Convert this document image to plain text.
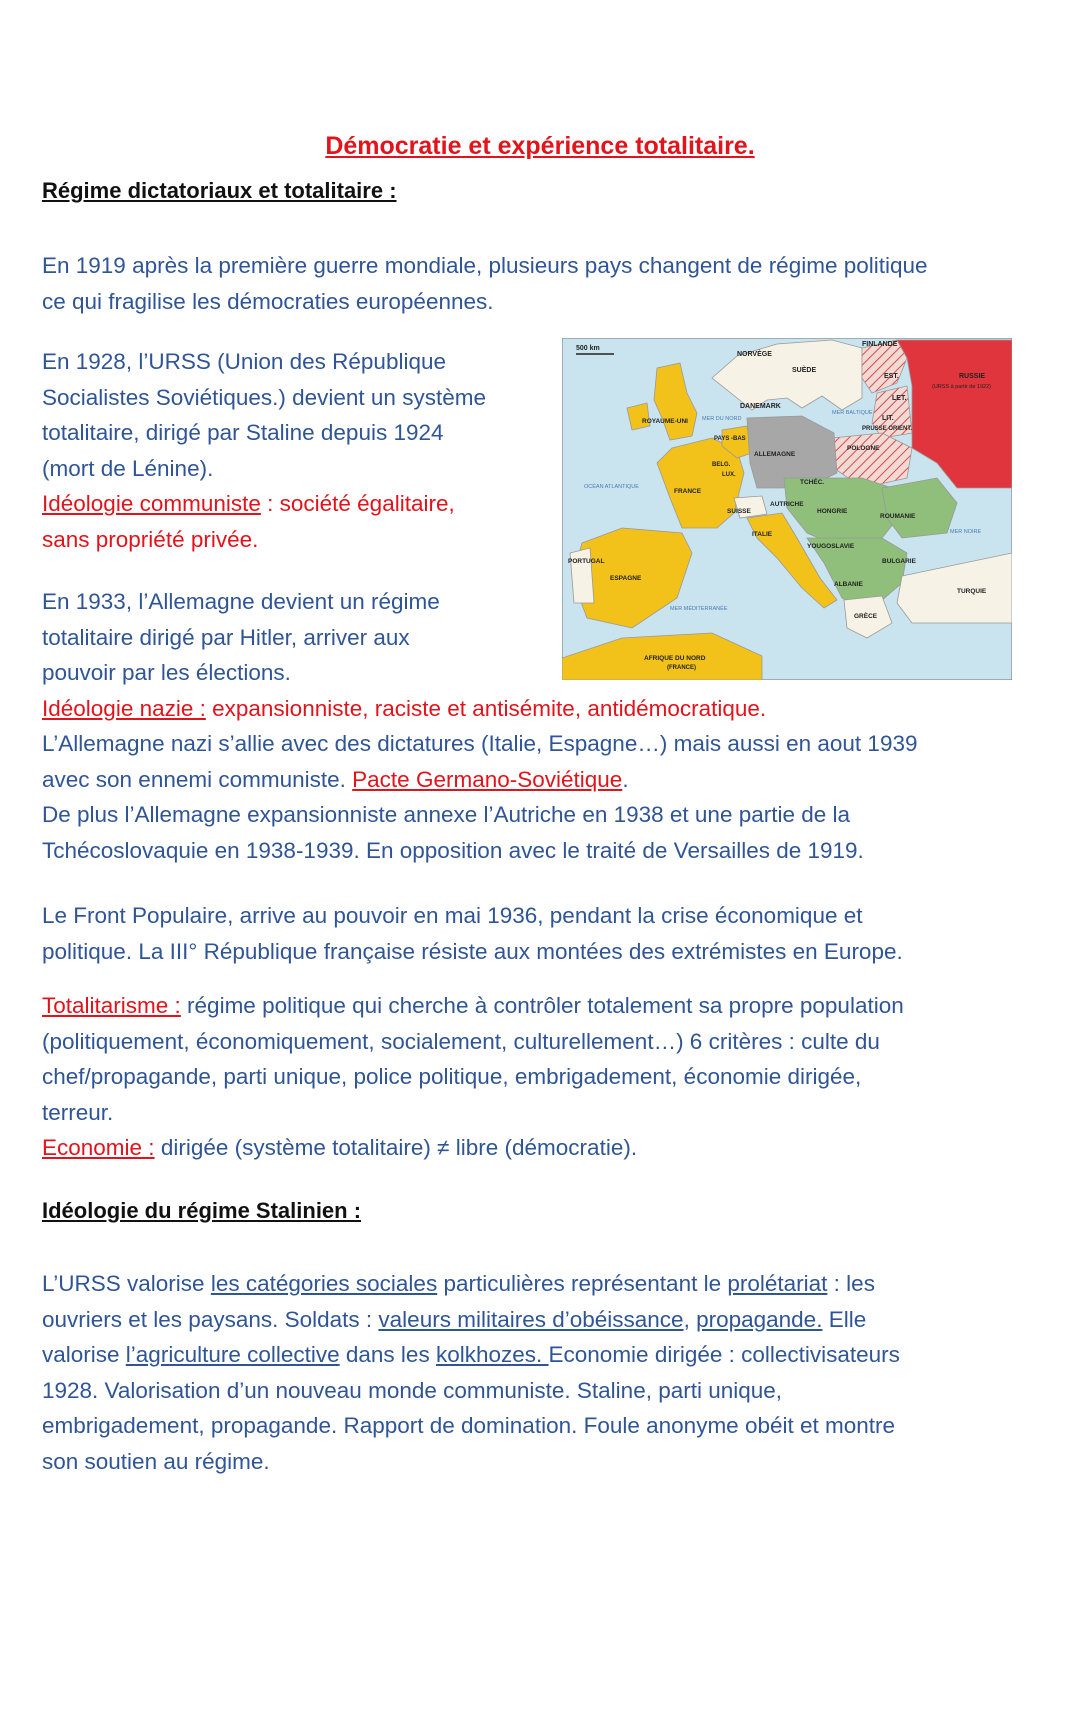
Démocratie et expérience totalitaire.
Régime dictatoriaux et totalitaire :
En 1919 après la première guerre mondiale, plusieurs pays changent de régime politique
ce qui fragilise les démocraties européennes.
En 1928, l’URSS (Union des République
Socialistes Soviétiques.) devient un système
totalitaire, dirigé par Staline depuis 1924
(mort de Lénine).
Idéologie communiste : société égalitaire,
sans propriété privée.
En 1933, l’Allemagne devient un régime
totalitaire dirigé par Hitler, arriver aux
pouvoir par les élections.
Idéologie nazie : expansionniste, raciste et antisémite, antidémocratique.
L’Allemagne nazi s’allie avec des dictatures (Italie, Espagne…) mais aussi en aout 1939
avec son ennemi communiste. Pacte Germano-Soviétique.
De plus l’Allemagne expansionniste annexe l’Autriche en 1938 et une partie de la
Tchécoslovaquie en 1938-1939. En opposition avec le traité de Versailles de 1919.
Le Front Populaire, arrive au pouvoir en mai 1936, pendant la crise économique et
politique. La III° République française résiste aux montées des extrémistes en Europe.
Totalitarisme : régime politique qui cherche à contrôler totalement sa propre population
(politiquement, économiquement, socialement, culturellement…) 6 critères : culte du
chef/propagande, parti unique, police politique, embrigadement, économie dirigée,
terreur.
Economie : dirigée (système totalitaire) ≠ libre (démocratie).
Idéologie du régime Stalinien :
L’URSS valorise les catégories sociales particulières représentant le prolétariat : les
ouvriers et les paysans. Soldats : valeurs militaires d’obéissance, propagande. Elle
valorise l’agriculture collective dans les kolkhozes. Economie dirigée : collectivisateurs
1928. Valorisation d’un nouveau monde communiste. Staline, parti unique,
embrigadement, propagande. Rapport de domination. Foule anonyme obéit et montre
son soutien au régime.
500 km
NORVÈGE
SUÈDE
FINLANDE
RUSSIE
(URSS à partir de 1922)
EST.
LET.
LIT.
DANEMARK
MER BALTIQUE
PRUSSE ORIENT.
ROYAUME-UNI	MER DU NORD
PAYS -BAS
BELG.
LUX.
ALLEMAGNE
POLOGNE
TCHÉC.
OCÉAN ATLANTIQUE
FRANCE
SUISSE
AUTRICHE
HONGRIE
ROUMANIE
MER NOIRE
ITALIE
YOUGOSLAVIE
BULGARIE
PORTUGAL
ESPAGNE
ALBANIE
TURQUIE
GRÈCE
MER MÉDITERRANÉE
AFRIQUE DU NORD
(FRANCE)
